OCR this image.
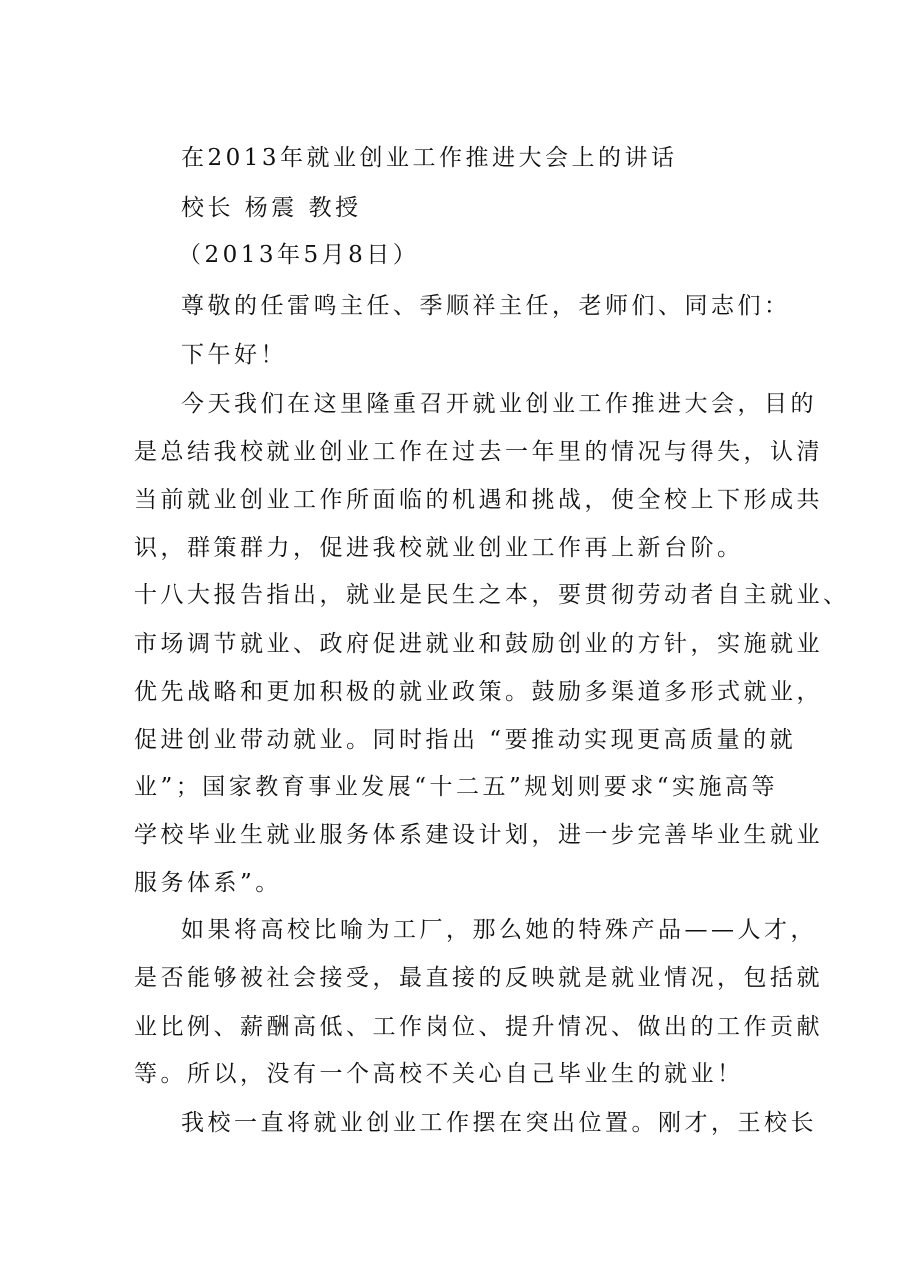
在2013年就业创业工作推进大会上的讲话

校长 杨震 教授

（2013年5月8日）

尊敬的任雷鸣主任、季顺祥主任，老师们、同志们：

下午好！

今天我们在这里隆重召开就业创业工作推进大会，目的

是总结我校就业创业工作在过去一年里的情况与得失，认清

当前就业创业工作所面临的机遇和挑战，使全校上下形成共

识，群策群力，促进我校就业创业工作再上新台阶。

十八大报告指出，就业是民生之本，要贯彻劳动者自主就业、

市场调节就业、政府促进就业和鼓励创业的方针，实施就业

优先战略和更加积极的就业政策。鼓励多渠道多形式就业，

促进创业带动就业。同时指出 “要推动实现更高质量的就

业”；国家教育事业发展“十二五”规划则要求“实施高等

学校毕业生就业服务体系建设计划，进一步完善毕业生就业

服务体系”。

如果将高校比喻为工厂，那么她的特殊产品——人才，

是否能够被社会接受，最直接的反映就是就业情况，包括就

业比例、薪酬高低、工作岗位、提升情况、做出的工作贡献

等。所以，没有一个高校不关心自己毕业生的就业！

我校一直将就业创业工作摆在突出位置。刚才，王校长
